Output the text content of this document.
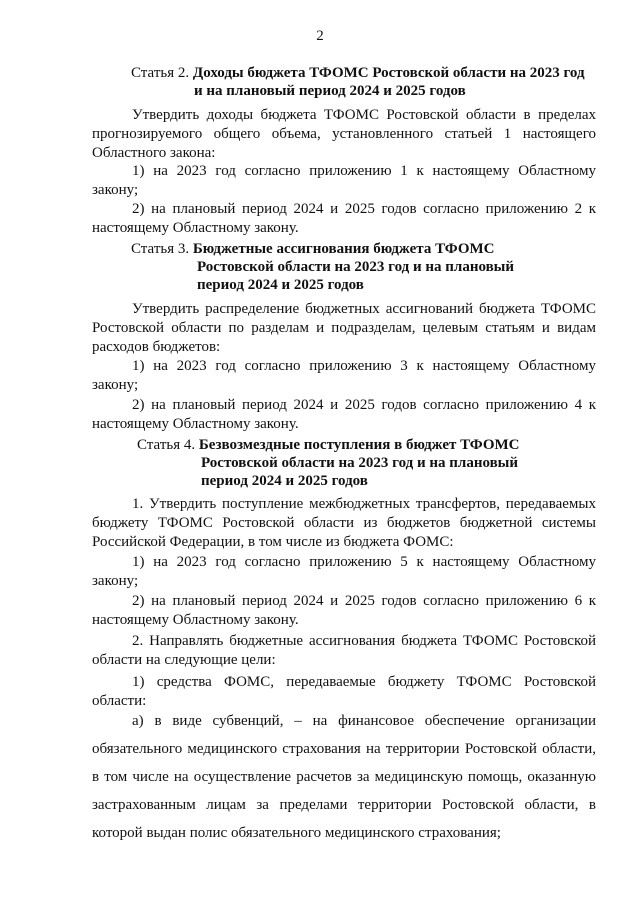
2
Статья 2. Доходы бюджета ТФОМС Ростовской области на 2023 год
и на плановый период 2024 и 2025 годов
Утвердить доходы бюджета ТФОМС Ростовской области в пределах прогнозируемого общего объема, установленного статьей 1 настоящего Областного закона:
1) на 2023 год согласно приложению 1 к настоящему Областному закону;
2) на плановый период 2024 и 2025 годов согласно приложению 2 к настоящему Областному закону.
Статья 3. Бюджетные ассигнования бюджета ТФОМС
Ростовской области на 2023 год и на плановый
период 2024 и 2025 годов
Утвердить распределение бюджетных ассигнований бюджета ТФОМС Ростовской области по разделам и подразделам, целевым статьям и видам расходов бюджетов:
1) на 2023 год согласно приложению 3 к настоящему Областному закону;
2) на плановый период 2024 и 2025 годов согласно приложению 4 к настоящему Областному закону.
Статья 4. Безвозмездные поступления в бюджет ТФОМС
Ростовской области на 2023 год и на плановый
период 2024 и 2025 годов
1. Утвердить поступление межбюджетных трансфертов, передаваемых бюджету ТФОМС Ростовской области из бюджетов бюджетной системы Российской Федерации, в том числе из бюджета ФОМС:
1) на 2023 год согласно приложению 5 к настоящему Областному закону;
2) на плановый период 2024 и 2025 годов согласно приложению 6 к настоящему Областному закону.
2. Направлять бюджетные ассигнования бюджета ТФОМС Ростовской области на следующие цели:
1) средства ФОМС, передаваемые бюджету ТФОМС Ростовской области:
а) в виде субвенций, – на финансовое обеспечение организации обязательного медицинского страхования на территории Ростовской области, в том числе на осуществление расчетов за медицинскую помощь, оказанную застрахованным лицам за пределами территории Ростовской области, в которой выдан полис обязательного медицинского страхования;
